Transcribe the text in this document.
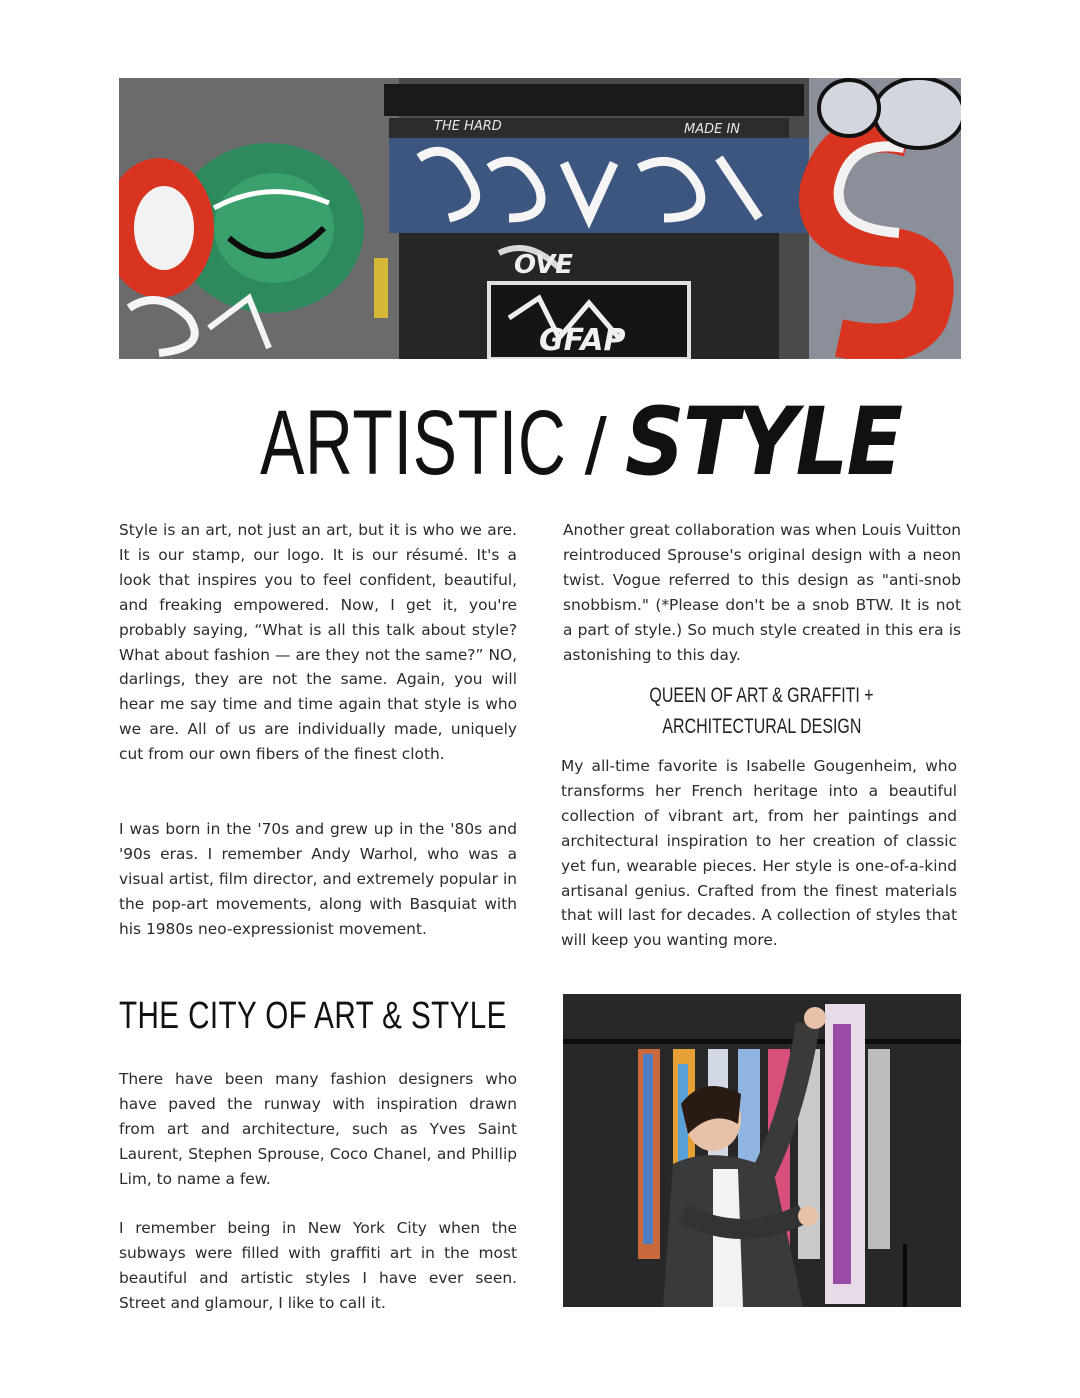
THE HARD	MADE IN
OVE
GFAP
ARTISTIC / STYLE

Style is an art, not just an art, but it is who we are. It is our stamp, our logo. It is our résumé. It's a look that inspires you to feel confident, beautiful, and freaking empowered. Now, I get it, you're probably saying, “What is all this talk about style? What about fashion — are they not the same?” NO, darlings, they are not the same. Again, you will hear me say time and time again that style is who we are. All of us are individually made, uniquely cut from our own fibers of the finest cloth.

I was born in the '70s and grew up in the '80s and '90s eras. I remember Andy Warhol, who was a visual artist, film director, and extremely popular in the pop-art movements, along with Basquiat with his 1980s neo-expressionist movement.

THE CITY OF ART & STYLE

There have been many fashion designers who have paved the runway with inspiration drawn from art and architecture, such as Yves Saint Laurent, Stephen Sprouse, Coco Chanel, and Phillip Lim, to name a few.

I remember being in New York City when the subways were filled with graffiti art in the most beautiful and artistic styles I have ever seen. Street and glamour, I like to call it.

Another great collaboration was when Louis Vuitton reintroduced Sprouse's original design with a neon twist. Vogue referred to this design as "anti-snob snobbism." (*Please don't be a snob BTW. It is not a part of style.) So much style created in this era is astonishing to this day.

QUEEN OF ART & GRAFFITI +
ARCHITECTURAL DESIGN

My all-time favorite is Isabelle Gougenheim, who transforms her French heritage into a beautiful collection of vibrant art, from her paintings and architectural inspiration to her creation of classic yet fun, wearable pieces. Her style is one-of-a-kind artisanal genius. Crafted from the finest materials that will last for decades. A collection of styles that will keep you wanting more.
